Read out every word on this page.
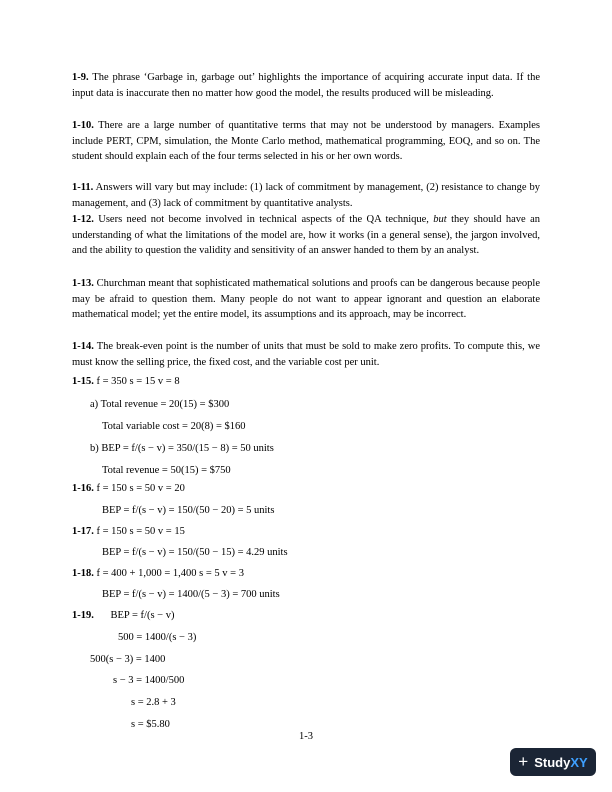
1-9. The phrase ‘Garbage in, garbage out’ highlights the importance of acquiring accurate input data. If the input data is inaccurate then no matter how good the model, the results produced will be misleading.

1-10. There are a large number of quantitative terms that may not be understood by managers. Examples include PERT, CPM, simulation, the Monte Carlo method, mathematical programming, EOQ, and so on. The student should explain each of the four terms selected in his or her own words.

1-11. Answers will vary but may include: (1) lack of commitment by management, (2) resistance to change by management, and (3) lack of commitment by quantitative analysts.

1-12. Users need not become involved in technical aspects of the QA technique, but they should have an understanding of what the limitations of the model are, how it works (in a general sense), the jargon involved, and the ability to question the validity and sensitivity of an answer handed to them by an analyst.

1-13. Churchman meant that sophisticated mathematical solutions and proofs can be dangerous because people may be afraid to question them. Many people do not want to appear ignorant and question an elaborate mathematical model; yet the entire model, its assumptions and its approach, may be incorrect.

1-14. The break-even point is the number of units that must be sold to make zero profits. To compute this, we must know the selling price, the fixed cost, and the variable cost per unit.

1-15. f = 350 s = 15 v = 8
a) Total revenue = 20(15) = $300
Total variable cost = 20(8) = $160
b) BEP = f/(s − v) = 350/(15 − 8) = 50 units
Total revenue = 50(15) = $750
1-16. f = 150 s = 50 v = 20
BEP = f/(s − v) = 150/(50 − 20) = 5 units
1-17. f = 150 s = 50 v = 15
BEP = f/(s − v) = 150/(50 − 15) = 4.29 units
1-18. f = 400 + 1,000 = 1,400 s = 5 v = 3
BEP = f/(s − v) = 1400/(5 − 3) = 700 units
1-19. BEP = f/(s − v)
500 = 1400/(s − 3)
500(s − 3) = 1400
s − 3 = 1400/500
s = 2.8 + 3
s = $5.80
1-3
+ Study XY
